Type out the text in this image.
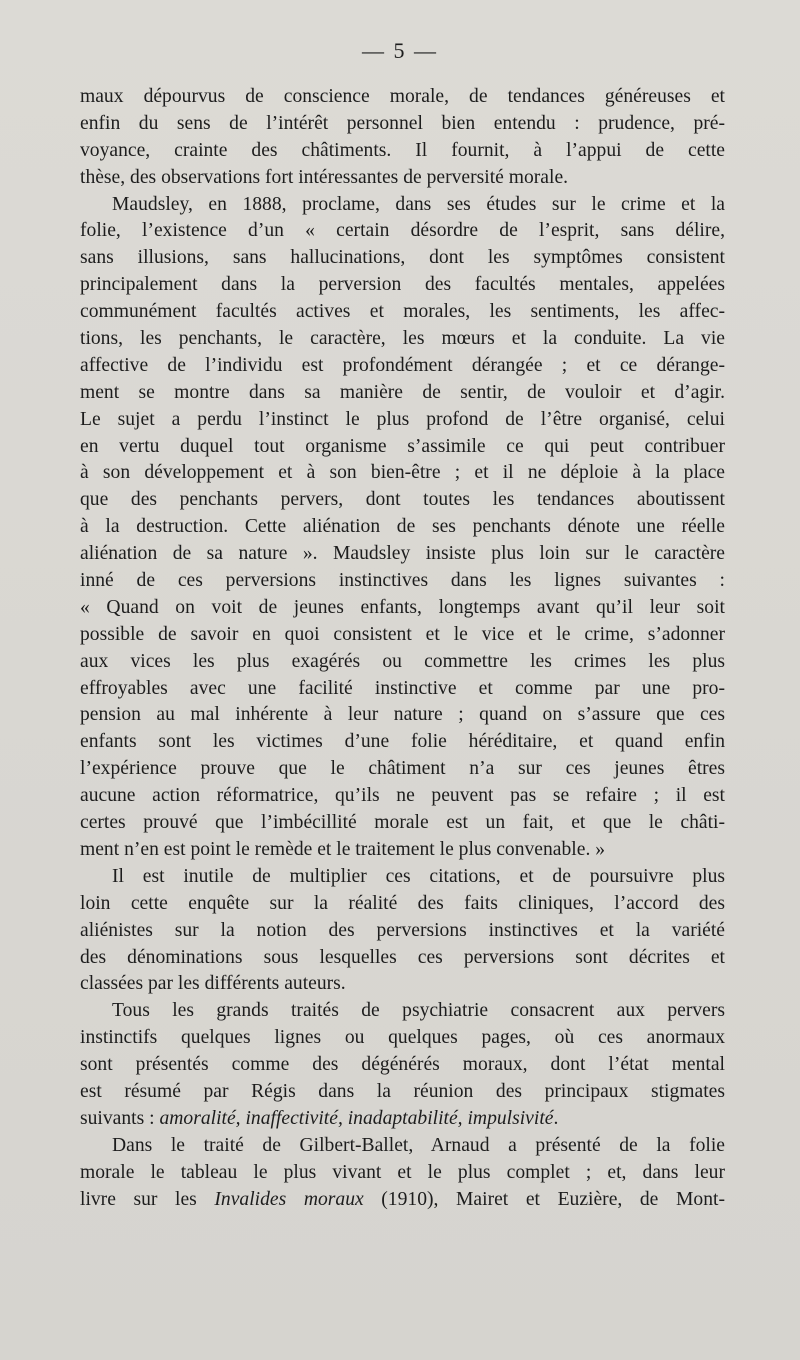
— 5 —
maux dépourvus de conscience morale, de tendances généreuses et
enfin du sens de l’intérêt personnel bien entendu : prudence, pré-
voyance, crainte des châtiments. Il fournit, à l’appui de cette
thèse, des observations fort intéressantes de perversité morale.
Maudsley, en 1888, proclame, dans ses études sur le crime et la
folie, l’existence d’un « certain désordre de l’esprit, sans délire,
sans illusions, sans hallucinations, dont les symptômes consistent
principalement dans la perversion des facultés mentales, appelées
communément facultés actives et morales, les sentiments, les affec-
tions, les penchants, le caractère, les mœurs et la conduite. La vie
affective de l’individu est profondément dérangée ; et ce dérange-
ment se montre dans sa manière de sentir, de vouloir et d’agir.
Le sujet a perdu l’instinct le plus profond de l’être organisé, celui
en vertu duquel tout organisme s’assimile ce qui peut contribuer
à son développement et à son bien-être ; et il ne déploie à la place
que des penchants pervers, dont toutes les tendances aboutissent
à la destruction. Cette aliénation de ses penchants dénote une réelle
aliénation de sa nature ». Maudsley insiste plus loin sur le caractère
inné de ces perversions instinctives dans les lignes suivantes :
« Quand on voit de jeunes enfants, longtemps avant qu’il leur soit
possible de savoir en quoi consistent et le vice et le crime, s’adonner
aux vices les plus exagérés ou commettre les crimes les plus
effroyables avec une facilité instinctive et comme par une pro-
pension au mal inhérente à leur nature ; quand on s’assure que ces
enfants sont les victimes d’une folie héréditaire, et quand enfin
l’expérience prouve que le châtiment n’a sur ces jeunes êtres
aucune action réformatrice, qu’ils ne peuvent pas se refaire ; il est
certes prouvé que l’imbécillité morale est un fait, et que le châti-
ment n’en est point le remède et le traitement le plus convenable. »
Il est inutile de multiplier ces citations, et de poursuivre plus
loin cette enquête sur la réalité des faits cliniques, l’accord des
aliénistes sur la notion des perversions instinctives et la variété
des dénominations sous lesquelles ces perversions sont décrites et
classées par les différents auteurs.
Tous les grands traités de psychiatrie consacrent aux pervers
instinctifs quelques lignes ou quelques pages, où ces anormaux
sont présentés comme des dégénérés moraux, dont l’état mental
est résumé par Régis dans la réunion des principaux stigmates
suivants : amoralité, inaffectivité, inadaptabilité, impulsivité.
Dans le traité de Gilbert-Ballet, Arnaud a présenté de la folie
morale le tableau le plus vivant et le plus complet ; et, dans leur
livre sur les Invalides moraux (1910), Mairet et Euzière, de Mont-
